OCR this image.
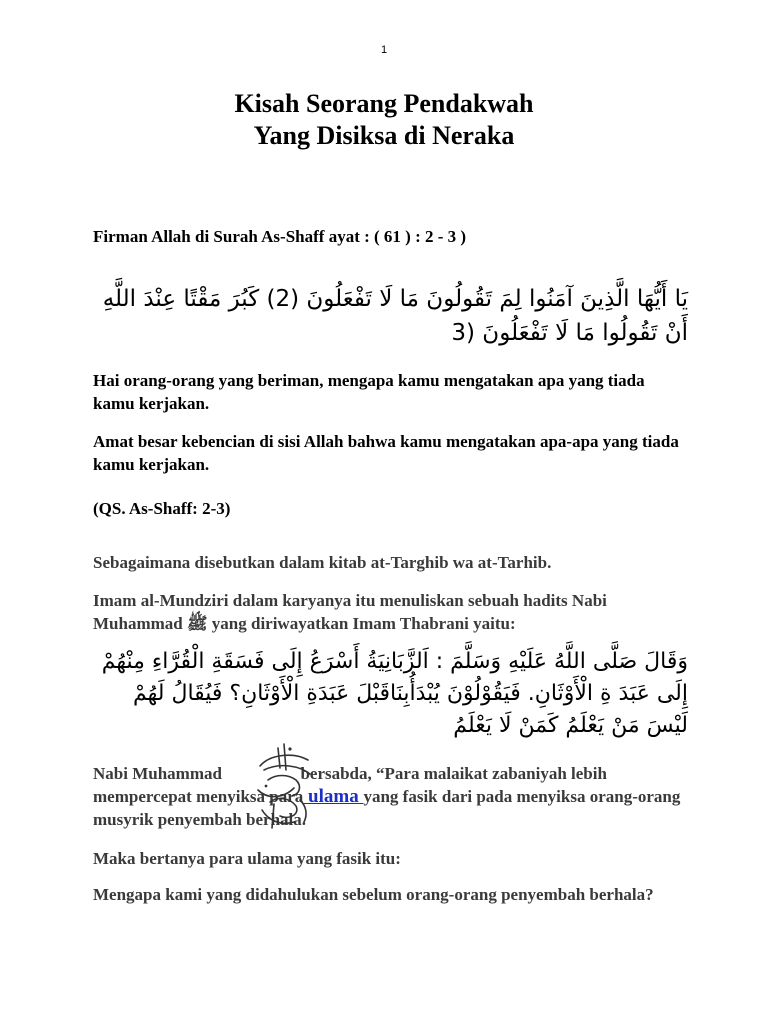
1
Kisah Seorang Pendakwah
Yang Disiksa di Neraka

Firman Allah di Surah As-Shaff ayat : ( 61 ) : 2 - 3 )

يَا أَيُّهَا الَّذِينَ آمَنُوا لِمَ تَقُولُونَ مَا لَا تَفْعَلُونَ (2) كَبُرَ مَقْتًا عِنْدَ اللَّهِ أَنْ تَقُولُوا مَا لَا تَفْعَلُونَ (3

Hai orang-orang yang beriman, mengapa kamu mengatakan apa yang tiada kamu kerjakan.

Amat besar kebencian di sisi Allah bahwa kamu mengatakan apa-apa yang tiada kamu kerjakan.

(QS. As-Shaff: 2-3)

Sebagaimana disebutkan dalam kitab at-Targhib wa at-Tarhib.

Imam al-Mundziri dalam karyanya itu menuliskan sebuah hadits Nabi Muhammad ﷺ yang diriwayatkan Imam Thabrani yaitu:

وَقَالَ صَلَّى اللَّهُ عَلَيْهِ وَسَلَّمَ : اَلزَّبَانِيَةُ أَسْرَعُ إِلَى فَسَقَةِ الْقُرَّاءِ مِنْهُمْ إِلَى عَبَدَ ةِ الْأَوْثَانِ. فَيَقُوْلُوْنَ يُبْدَأُبِنَاقَبْلَ عَبَدَةِ الْأَوْثَانِ؟ فَيُقَالُ لَهُمْ لَيْسَ مَنْ يَعْلَمُ كَمَنْ لَا يَعْلَمُ

Nabi Muhammad	bersabda, “Para malaikat zabaniyah lebih mempercepat menyiksa para ulama yang fasik dari pada menyiksa orang-orang musyrik penyembah berhala.

Maka bertanya para ulama yang fasik itu:

Mengapa kami yang didahulukan sebelum orang-orang penyembah berhala?
